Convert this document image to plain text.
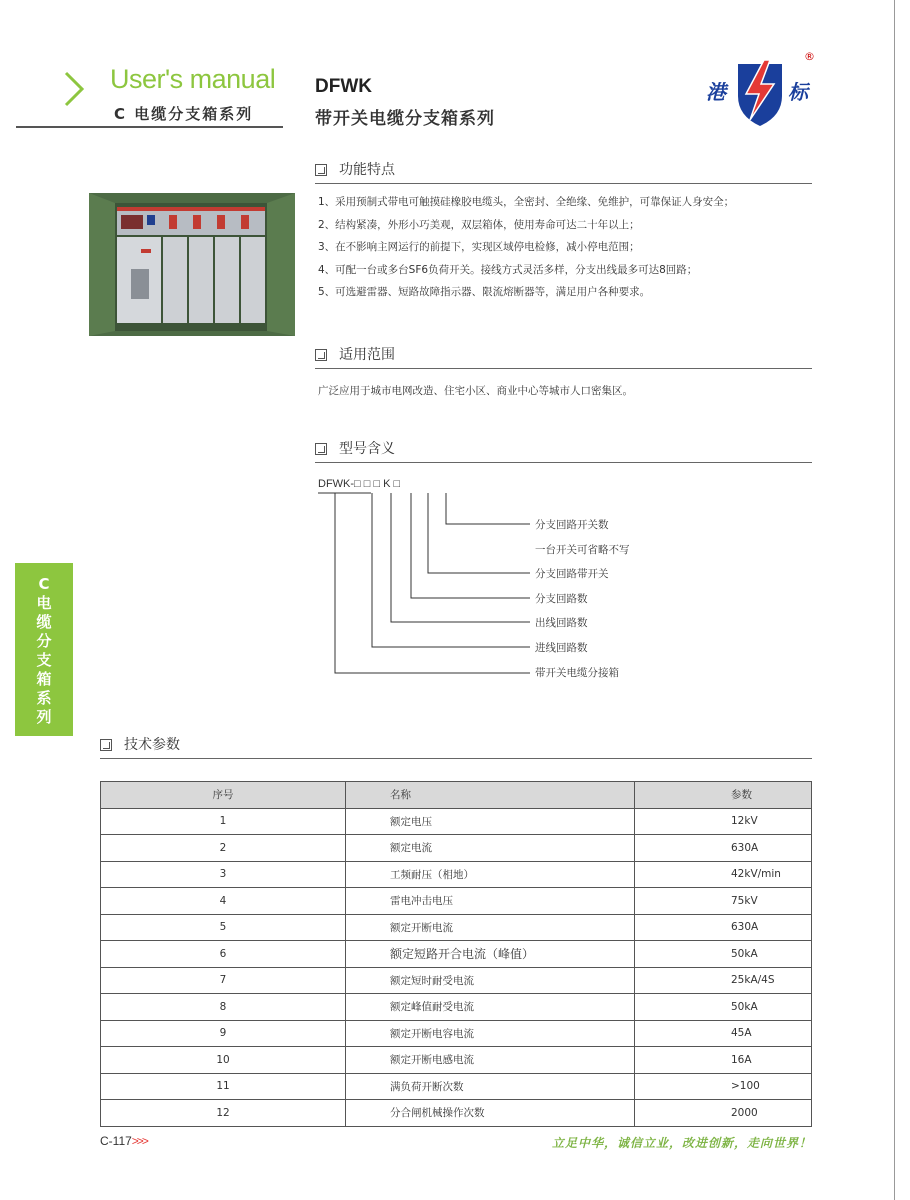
User's manual
C 电缆分支箱系列
DFWK
带开关电缆分支箱系列
港	标
®
功能特点
1、采用预制式带电可触摸硅橡胶电缆头，全密封、全绝缘、免维护，可靠保证人身安全；
2、结构紧凑，外形小巧美观，双层箱体，使用寿命可达二十年以上；
3、在不影响主网运行的前提下，实现区域停电检修，减小停电范围；
4、可配一台或多台SF6负荷开关。接线方式灵活多样，分支出线最多可达8回路；
5、可选避雷器、短路故障指示器、限流熔断器等，满足用户各种要求。
适用范围
广泛应用于城市电网改造、住宅小区、商业中心等城市人口密集区。
型号含义
DFWK-□ □ □ K □
分支回路开关数
一台开关可省略不写
分支回路带开关
分支回路数
出线回路数
进线回路数
带开关电缆分接箱
C
电
缆
分
支
箱
系
列
技术参数
序号	名称	参数
1	额定电压	12kV
2	额定电流	630A
3	工频耐压（相地）	42kV/min
4	雷电冲击电压	75kV
5	额定开断电流	630A
6	额定短路开合电流（峰值）	50kA
7	额定短时耐受电流	25kA/4S
8	额定峰值耐受电流	50kA
9	额定开断电容电流	45A
10	额定开断电感电流	16A
11	满负荷开断次数	>100
12	分合闸机械操作次数	2000
C-117>>>	立足中华，诚信立业，改进创新，走向世界！
